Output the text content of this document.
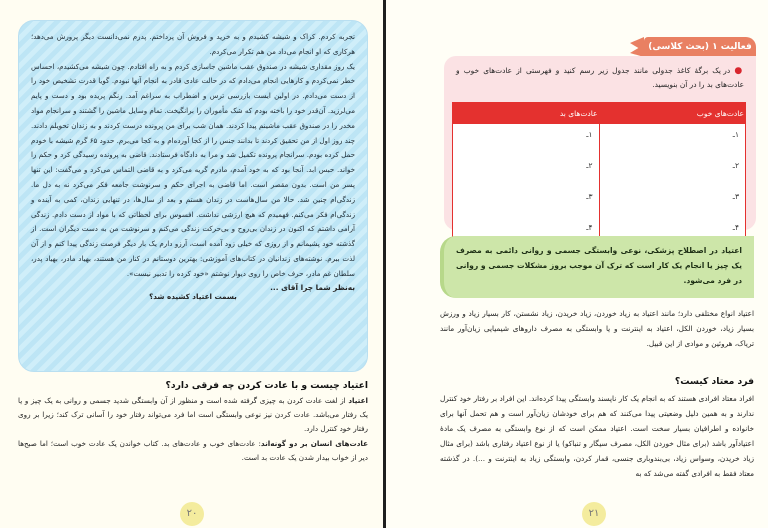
تجربه کردم. کراک و شیشه کشیدم و به خرید و فروش آن پرداختم. پدرم نمی‌دانست دیگر پرورش می‌دهد؛ هرکاری که او انجام می‌داد من هم تکرار می‌کردم.

یک روز مقداری شیشه در صندوق عقب ماشین جاسازی کردم و به راه افتادم. چون شیشه می‌کشیدم، احساس خطر نمی‌کردم و کارهایی انجام می‌دادم که در حالت عادی قادر به انجام آنها نبودم. گویا قدرت تشخیص خود را از دست می‌دادم. در اولین ایست بازرسی ترس و اضطراب به سراغم آمد. رنگم پریده بود و دست و پایم می‌لرزید. آن‌قدر خود را باخته بودم که شک مأموران را برانگیخت. تمام وسایل ماشین را گشتند و سرانجام مواد مخدر را در صندوق عقب ماشینم پیدا کردند. همان شب برای من پرونده درست کردند و به زندان تحویلم دادند. چند روز اول از من تحقیق کردند تا بدانند جنس را از کجا آورده‌ام و به کجا می‌برم. حدود ۶۵ گرم شیشه با خودم حمل کرده بودم. سرانجام پرونده تکمیل شد و مرا به دادگاه فرستادند. قاضی به پرونده رسیدگی کرد و حکم را خواند. حبس ابد. آنجا بود که به خود آمدم، مادرم گریه می‌کرد و به قاضی التماس می‌کرد و می‌گفت: این تنها پسر من است. بدون مقصر است. اما قاضی به اجرای حکم و سرنوشت جامعه فکر می‌کرد نه به دل ما. زندگی‌ام چنین شد. حالا من سال‌هاست در زندان هستم و بعد از سال‌ها، در تنهایی زندان، کمی به آینده و زندگی‌ام فکر می‌کنم. فهمیدم که هیچ ارزشی نداشت. افسوس برای لحظاتی که با مواد از دست دادم. زندگی آرامی داشتم که اکنون در زندان بی‌روح و بی‌حرکت زندگی می‌کنم و سرنوشت من به دست دیگران است. از گذشته خود پشیمانم و از روزی که خیلی زود آمده است، آرزو دارم یک بار دیگر فرصت زندگی پیدا کنم و از آن لذت ببرم. نوشته‌های زندانیان در کتاب‌های آموزشی: بهترین دوستانم در کنار من هستند، بهیاد مادر، بهیاد پدر، سلطان غم مادر، حرف خاص را روی دیوار نوشتم «خود کرده را تدبیر نیست».

به‌نظر شما چرا آقای ...
بسمت اعتیاد کشیده شد؟
اعتیاد چیست و با عادت کردن چه فرقی دارد؟

اعتیاد از لغت عادت کردن به چیزی گرفته شده است و منظور از آن وابستگی شدید جسمی و روانی به یک چیز و یا یک رفتار می‌باشد. عادت کردن نیز نوعی وابستگی است اما فرد می‌تواند رفتار خود را آسانی ترک کند؛ زیرا بر روی رفتار خود کنترل دارد.

عادت‌های انسان بر دو گونه‌اند: عادت‌های خوب و عادت‌های بد. کتاب خواندن یک عادت خوب است؛ اما صبح‌ها دیر از خواب بیدار شدن یک عادت بد است.

۲۰
فعالیت ۱ (بحث کلاسی)

● در یک برگهٔ کاغذ جدولی مانند جدول زیر رسم کنید و فهرستی از عادت‌های خوب و عادت‌های بد را در آن بنویسید.

عادت‌های خوب	عادت‌های بد
۱ـ	۱ـ
۲ـ	۲ـ
۳ـ	۳ـ
۴ـ	۴ـ

اعتیاد در اصطلاح پزشکی، نوعی وابستگی جسمی و روانی دائمی به مصرف یک چیز یا انجام یک کار است که ترک آن موجب بروز مشکلات جسمی و روانی در فرد می‌شود.

اعتیاد انواع مختلفی دارد؛ مانند اعتیاد به زیاد خوردن، زیاد خریدن، زیاد نشستن، کار بسیار زیاد و ورزش بسیار زیاد، خوردن الکل، اعتیاد به اینترنت و یا وابستگی به مصرف داروهای شیمیایی زیان‌آور مانند تریاک، هروئین و موادی از این قبیل.

فرد معتاد کیست؟

افراد معتاد افرادی هستند که به انجام یک کار ناپسند وابستگی پیدا کرده‌اند. این افراد بر رفتار خود کنترل ندارند و به همین دلیل وضعیتی پیدا می‌کنند که هم برای خودشان زیان‌آور است و هم تحمل آنها برای خانواده و اطرافیان بسیار سخت است. اعتیاد ممکن است که از نوع وابستگی به مصرف یک مادهٔ اعتیادآور باشد (برای مثال خوردن الکل، مصرف سیگار و تنباکو) یا از نوع اعتیاد رفتاری باشد (برای مثال زیاد خریدن، وسواس زیاد، بی‌بندوباری جنسی، قمار کردن، وابستگی زیاد به اینترنت و ...). در گذشته معتاد فقط به افرادی گفته می‌شد که به

۲۱
